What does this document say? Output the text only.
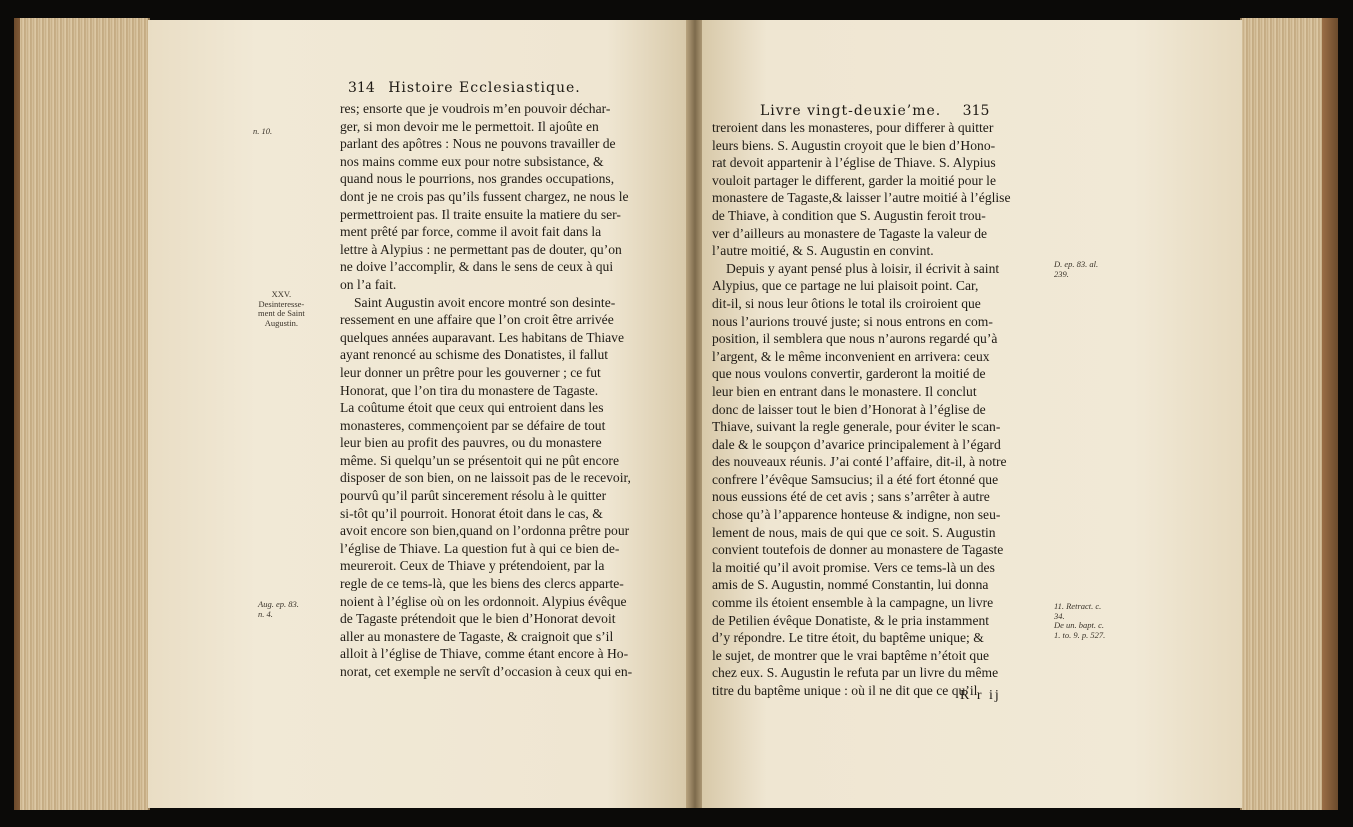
314 Histoire Ecclesiastique.
res; ensorte que je voudrois m’en pouvoir déchar-
ger, si mon devoir me le permettoit. Il ajoûte en
parlant des apôtres : Nous ne pouvons travailler de
nos mains comme eux pour notre subsistance, &
quand nous le pourrions, nos grandes occupations,
dont je ne crois pas qu’ils fussent chargez, ne nous le
permettroient pas. Il traite ensuite la matiere du ser-
ment prêté par force, comme il avoit fait dans la
lettre à Alypius : ne permettant pas de douter, qu’on
ne doive l’accomplir, & dans le sens de ceux à qui
on l’a fait.
Saint Augustin avoit encore montré son desinte-
ressement en une affaire que l’on croit être arrivée
quelques années auparavant. Les habitans de Thiave
ayant renoncé au schisme des Donatistes, il fallut
leur donner un prêtre pour les gouverner ; ce fut
Honorat, que l’on tira du monastere de Tagaste.
La coûtume étoit que ceux qui entroient dans les
monasteres, commençoient par se défaire de tout
leur bien au profit des pauvres, ou du monastere
même. Si quelqu’un se présentoit qui ne pût encore
disposer de son bien, on ne laissoit pas de le recevoir,
pourvû qu’il parût sincerement résolu à le quitter
si-tôt qu’il pourroit. Honorat étoit dans le cas, &
avoit encore son bien,quand on l’ordonna prêtre pour
l’église de Thiave. La question fut à qui ce bien de-
meureroit. Ceux de Thiave y prétendoient, par la
regle de ce tems-là, que les biens des clercs apparte-
noient à l’église où on les ordonnoit. Alypius évêque
de Tagaste prétendoit que le bien d’Honorat devoit
aller au monastere de Tagaste, & craignoit que s’il
alloit à l’église de Thiave, comme étant encore à Ho-
norat, cet exemple ne servît d’occasion à ceux qui en-
n. 10.
XXV.
Desinteresse-
ment de Saint
Augustin.
Aug. ep. 83.
n. 4.
Livre vingt-deuxie’me. 315
treroient dans les monasteres, pour differer à quitter
leurs biens. S. Augustin croyoit que le bien d’Hono-
rat devoit appartenir à l’église de Thiave. S. Alypius
vouloit partager le different, garder la moitié pour le
monastere de Tagaste,& laisser l’autre moitié à l’église
de Thiave, à condition que S. Augustin feroit trou-
ver d’ailleurs au monastere de Tagaste la valeur de
l’autre moitié, & S. Augustin en convint.
Depuis y ayant pensé plus à loisir, il écrivit à saint
Alypius, que ce partage ne lui plaisoit point. Car,
dit-il, si nous leur ôtions le total ils croiroient que
nous l’aurions trouvé juste; si nous entrons en com-
position, il semblera que nous n’aurons regardé qu’à
l’argent, & le même inconvenient en arrivera: ceux
que nous voulons convertir, garderont la moitié de
leur bien en entrant dans le monastere. Il conclut
donc de laisser tout le bien d’Honorat à l’église de
Thiave, suivant la regle generale, pour éviter le scan-
dale & le soupçon d’avarice principalement à l’égard
des nouveaux réunis. J’ai conté l’affaire, dit-il, à notre
confrere l’évêque Samsucius; il a été fort étonné que
nous eussions été de cet avis ; sans s’arrêter à autre
chose qu’à l’apparence honteuse & indigne, non seu-
lement de nous, mais de qui que ce soit. S. Augustin
convient toutefois de donner au monastere de Tagaste
la moitié qu’il avoit promise. Vers ce tems-là un des
amis de S. Augustin, nommé Constantin, lui donna
comme ils étoient ensemble à la campagne, un livre
de Petilien évêque Donatiste, & le pria instamment
d’y répondre. Le titre étoit, du baptême unique; &
le sujet, de montrer que le vrai baptême n’étoit que
chez eux. S. Augustin le refuta par un livre du même
titre du baptême unique : où il ne dit que ce qu’il
R r ij
D. ep. 83. al.
239.
11. Retract. c.
34.
De un. bapt. c.
1. to. 9. p. 527.
